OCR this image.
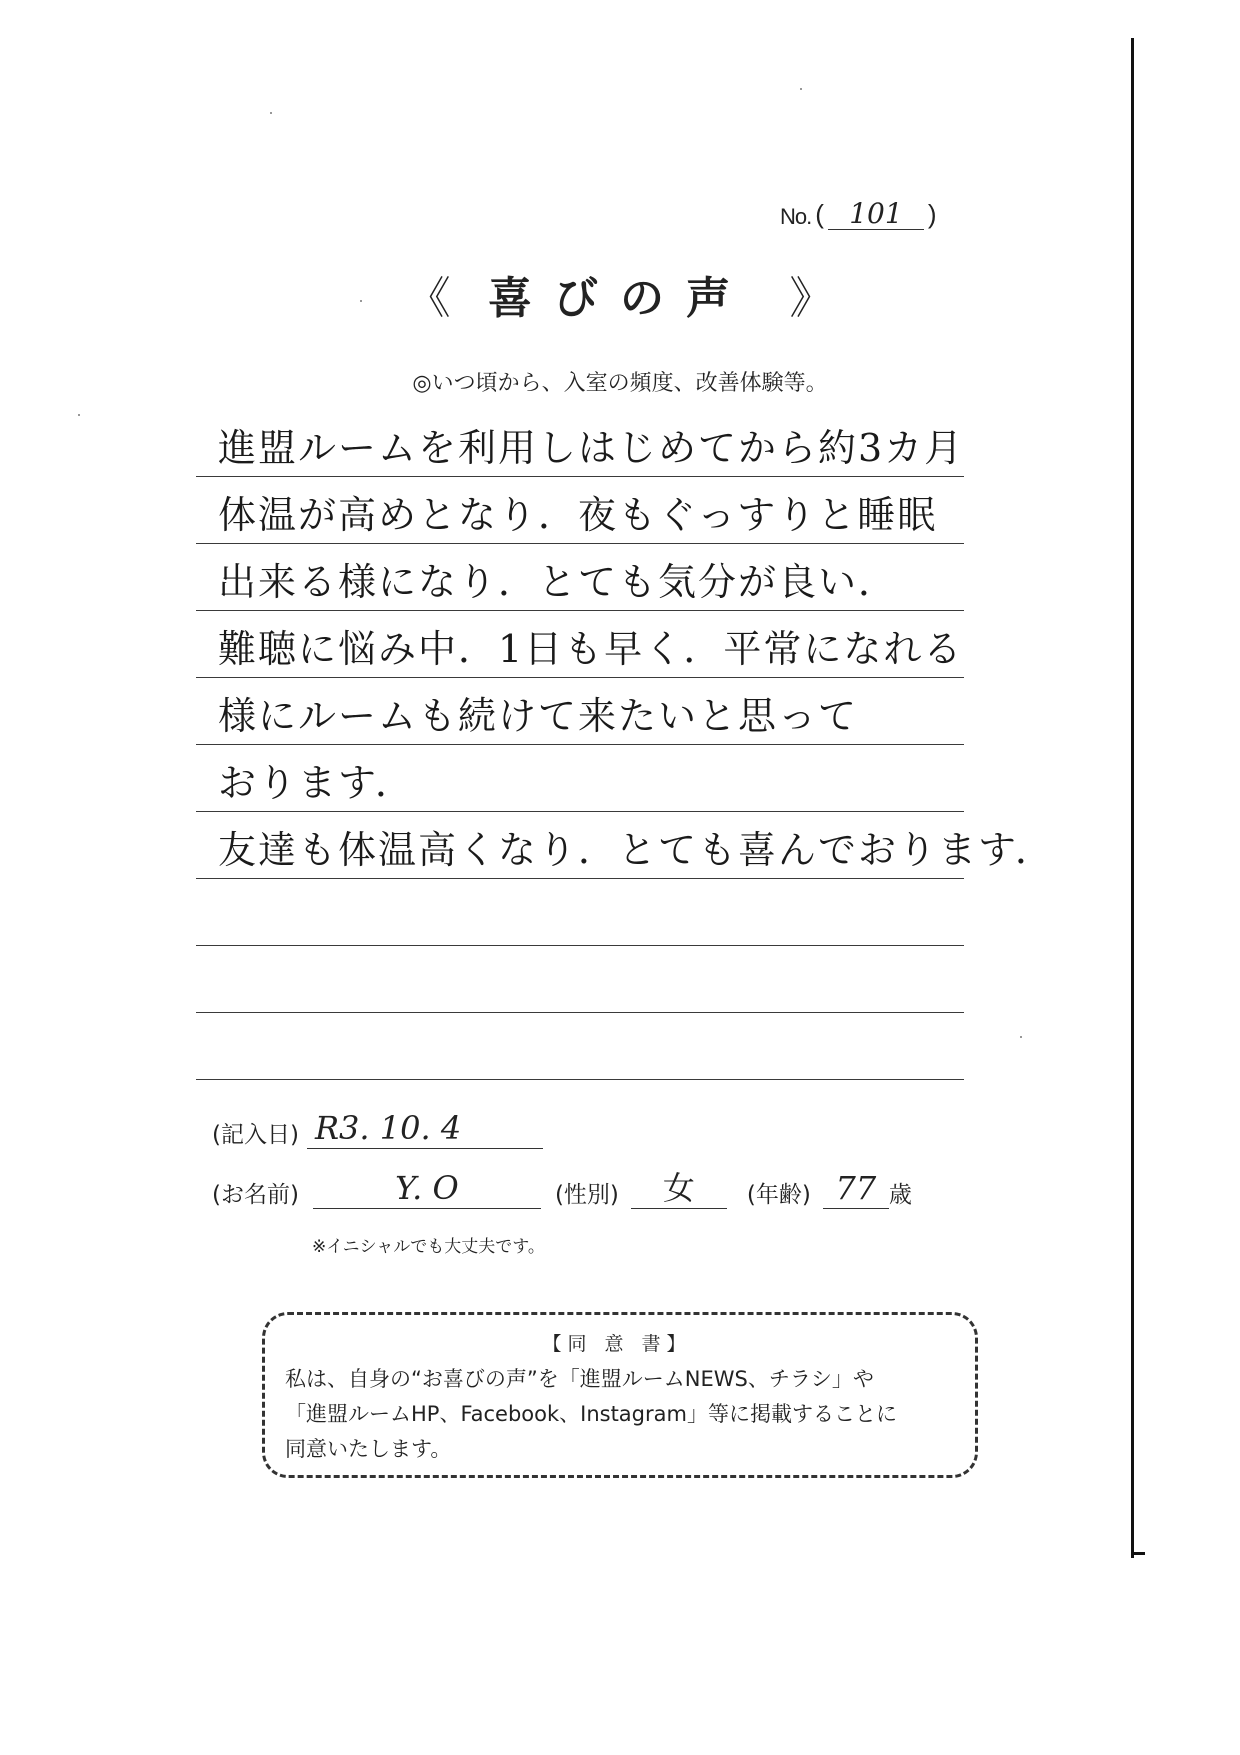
No. ( 101 )
《 喜びの声 》
◎いつ頃から、入室の頻度、改善体験等。
進盟ルームを利用しはじめてから約3カ月
体温が高めとなり．夜もぐっすりと睡眠
出来る様になり．とても気分が良い．
難聴に悩み中．1日も早く．平常になれる
様にルームも続けて来たいと思って
おります．
友達も体温高くなり．とても喜んでおります．
(記入日) R3. 10. 4
(お名前)	Y. O	(性別)	女	(年齢) 77 歳
※イニシャルでも大丈夫です。
【同 意 書】
私は、自身の“お喜びの声”を「進盟ルームNEWS、チラシ」や
「進盟ルームHP、Facebook、Instagram」等に掲載することに
同意いたします。
